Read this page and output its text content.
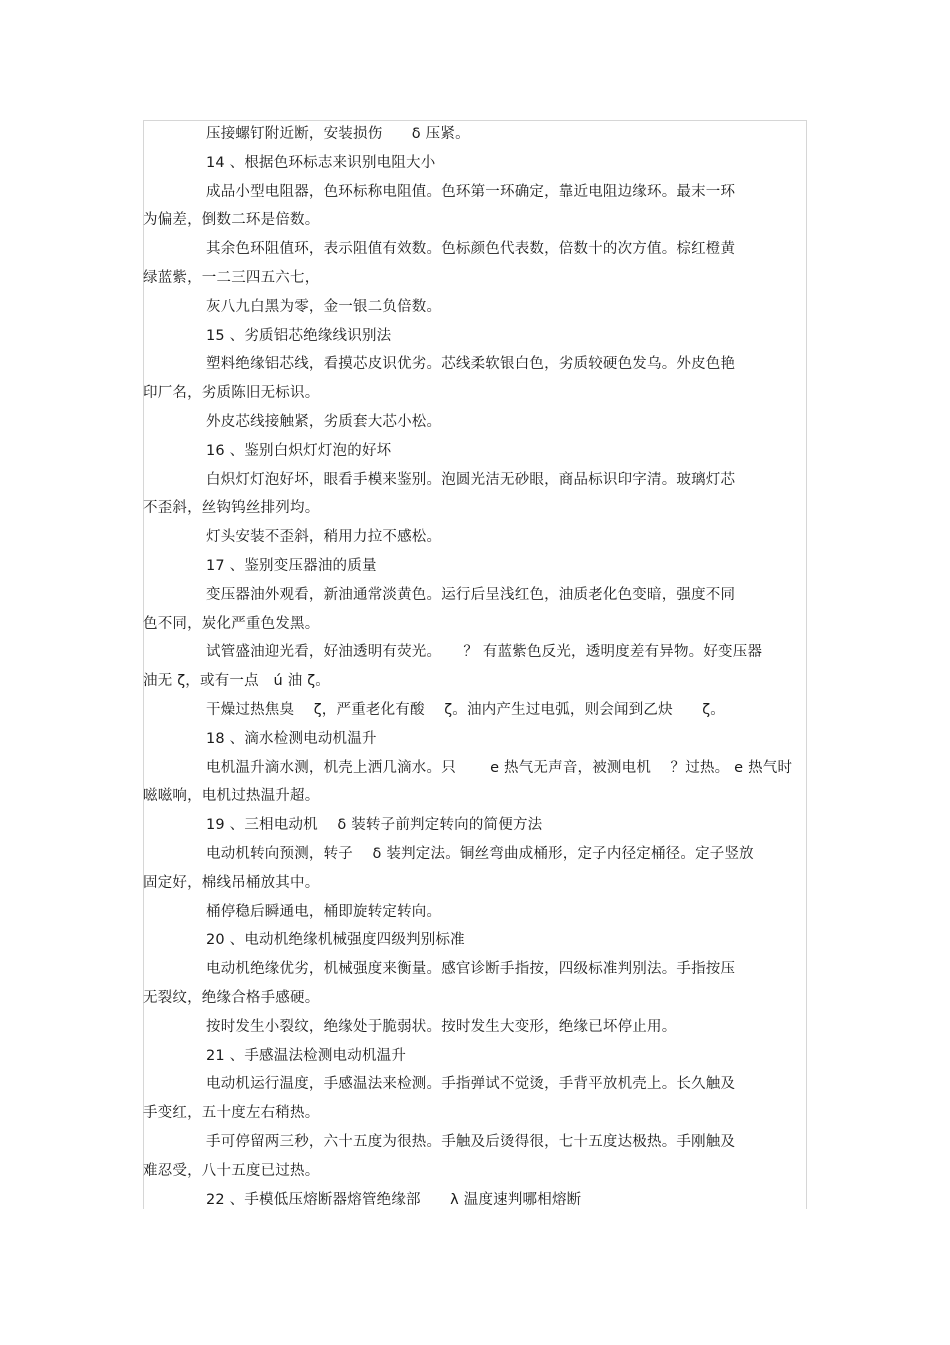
压接螺钉附近断，安装损伤　　δ 压紧。
14 、根据色环标志来识别电阻大小
成品小型电阻器，色环标称电阻值。色环第一环确定，靠近电阻边缘环。最末一环
为偏差，倒数二环是倍数。
其余色环阻值环，表示阻值有效数。色标颜色代表数，倍数十的次方值。棕红橙黄
绿蓝紫，一二三四五六七，
灰八九白黑为零，金一银二负倍数。
15 、劣质铝芯绝缘线识别法
塑料绝缘铝芯线，看摸芯皮识优劣。芯线柔软银白色，劣质较硬色发乌。外皮色艳
印厂名，劣质陈旧无标识。
外皮芯线接触紧，劣质套大芯小松。
16 、鉴别白炽灯灯泡的好坏
白炽灯灯泡好坏，眼看手模来鉴别。泡圆光洁无砂眼，商品标识印字清。玻璃灯芯
不歪斜，丝钩钨丝排列均。
灯头安装不歪斜，稍用力拉不感松。
17 、鉴别变压器油的质量
变压器油外观看，新油通常淡黄色。运行后呈浅红色，油质老化色变暗，强度不同
色不同，炭化严重色发黑。
试管盛油迎光看，好油透明有荧光。　　？ 有蓝紫色反光，透明度差有异物。好变压器
油无 ζ，或有一点　ú 油 ζ。
干燥过热焦臭　 ζ，严重老化有酸　 ζ。油内产生过电弧，则会闻到乙炔　　ζ。
18 、滴水检测电动机温升
电机温升滴水测，机壳上洒几滴水。只　　 e 热气无声音，被测电机　 ？过热。 e 热气时
嗞嗞响，电机过热温升超。
19 、三相电动机　 δ 装转子前判定转向的简便方法
电动机转向预测，转子　 δ 装判定法。铜丝弯曲成桶形，定子内径定桶径。定子竖放
固定好，棉线吊桶放其中。
桶停稳后瞬通电，桶即旋转定转向。
20 、电动机绝缘机械强度四级判别标准
电动机绝缘优劣，机械强度来衡量。感官诊断手指按，四级标准判别法。手指按压
无裂纹，绝缘合格手感硬。
按时发生小裂纹，绝缘处于脆弱状。按时发生大变形，绝缘已坏停止用。
21 、手感温法检测电动机温升
电动机运行温度，手感温法来检测。手指弹试不觉烫，手背平放机壳上。长久触及
手变红，五十度左右稍热。
手可停留两三秒，六十五度为很热。手触及后烫得很，七十五度达极热。手刚触及
难忍受，八十五度已过热。
22 、手模低压熔断器熔管绝缘部　　λ 温度速判哪相熔断
